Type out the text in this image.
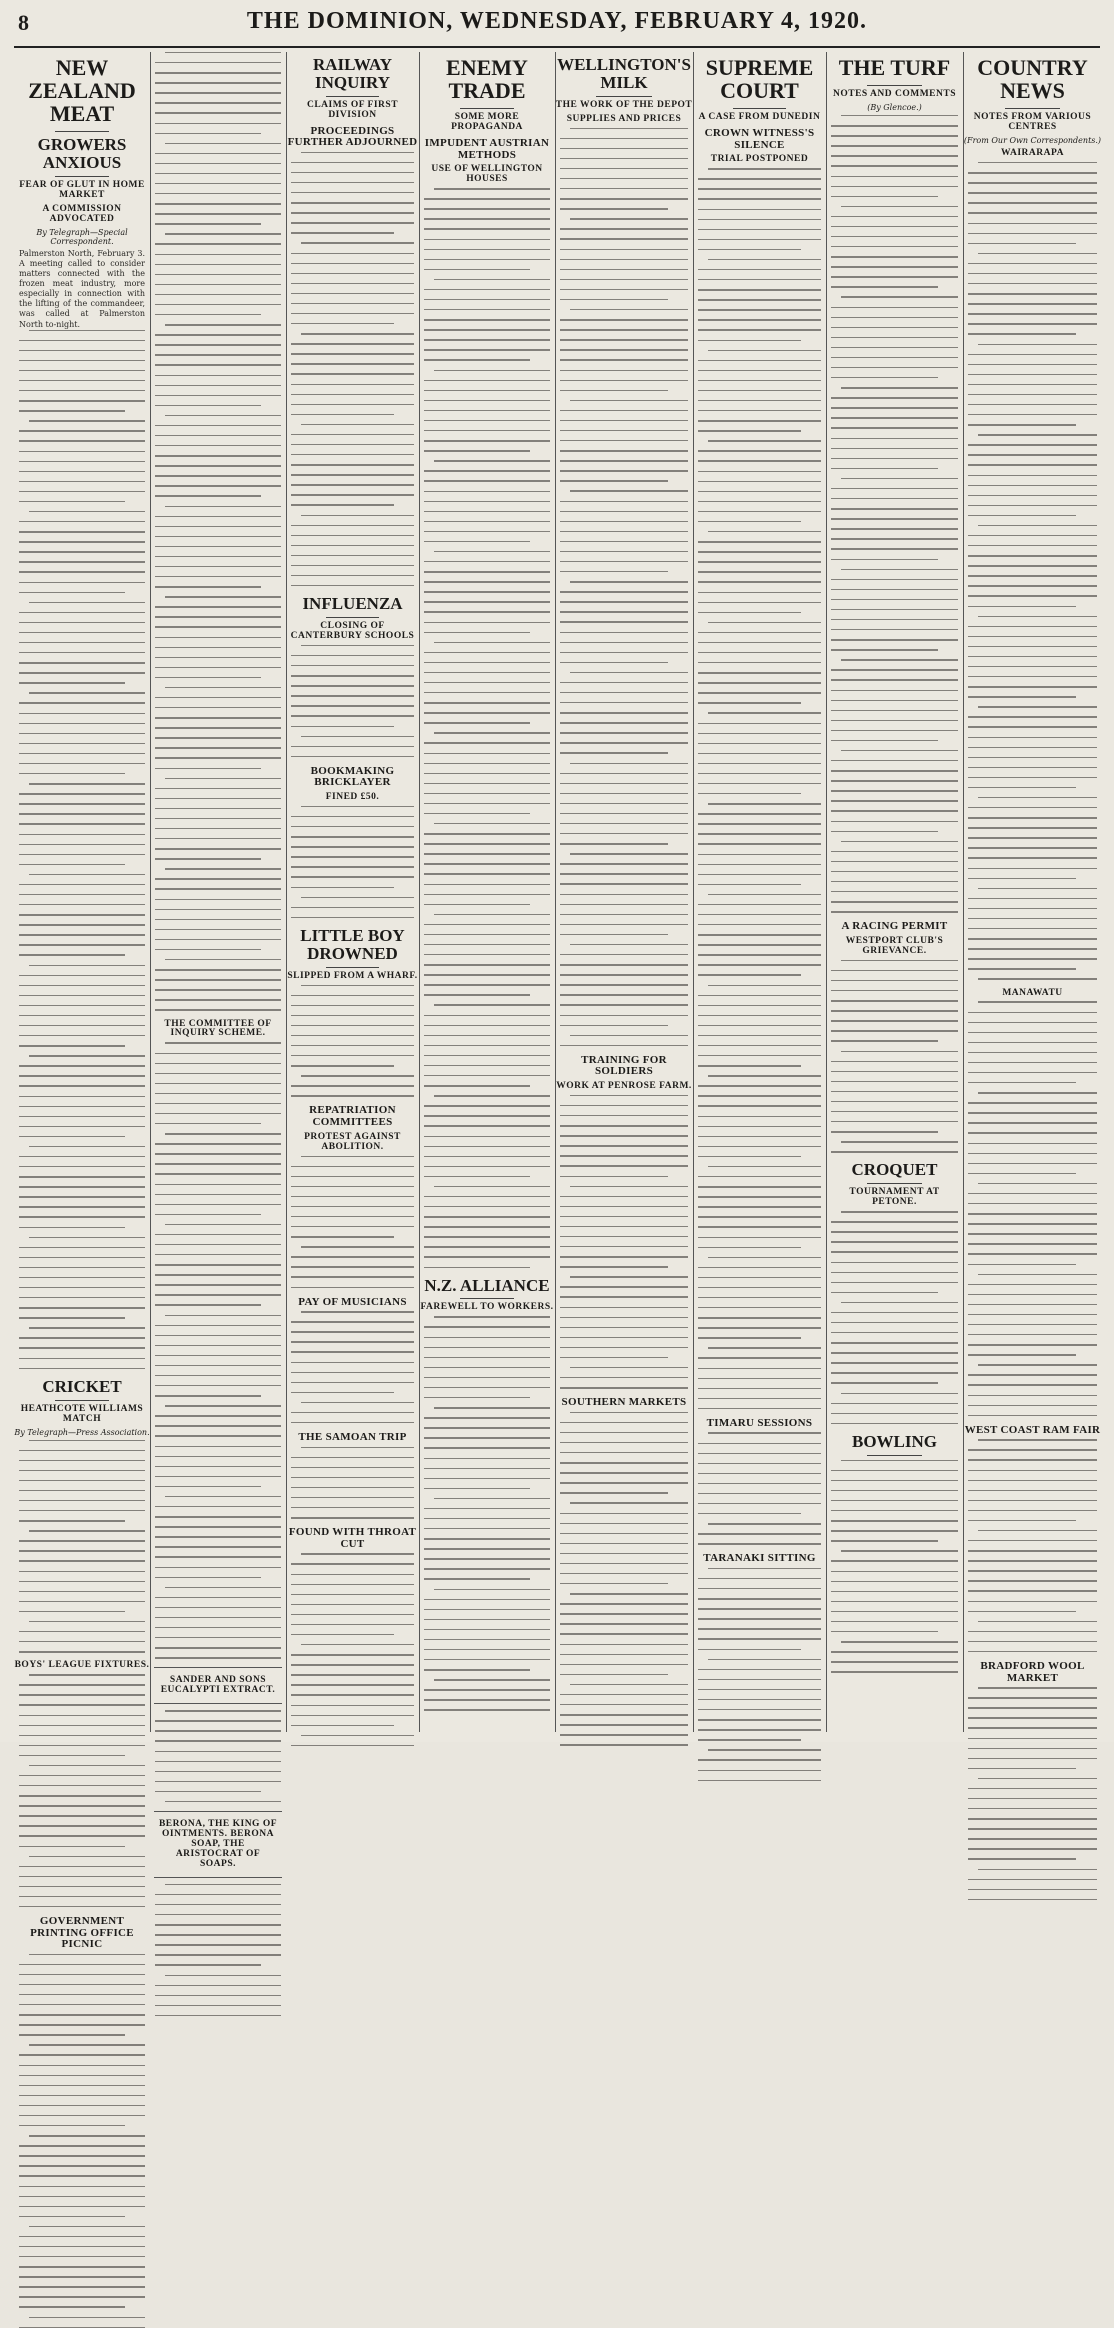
8	THE DOMINION, WEDNESDAY, FEBRUARY 4, 1920.
NEW ZEALAND MEAT
GROWERS ANXIOUS
FEAR OF GLUT IN HOME MARKET
A COMMISSION ADVOCATED
By Telegraph—Special Correspondent.
Palmerston North, February 3. A meeting called to consider matters connected with the frozen meat industry, more especially in connection with the lifting of the commandeer, was called at Palmerston North to-night.
CRICKET
HEATHCOTE WILLIAMS MATCH
By Telegraph—Press Association.
BOYS' LEAGUE FIXTURES.
GOVERNMENT PRINTING OFFICE PICNIC
THE COMMITTEE OF INQUIRY SCHEME.
SANDER AND SONS EUCALYPTI EXTRACT.
BERONA, THE KING OF OINTMENTS. BERONA SOAP, THE ARISTOCRAT OF SOAPS.
RAILWAY INQUIRY
CLAIMS OF FIRST DIVISION
PROCEEDINGS FURTHER ADJOURNED
INFLUENZA
CLOSING OF CANTERBURY SCHOOLS
BOOKMAKING BRICKLAYER
FINED £50.
LITTLE BOY DROWNED
SLIPPED FROM A WHARF.
REPATRIATION COMMITTEES
PROTEST AGAINST ABOLITION.
PAY OF MUSICIANS
THE SAMOAN TRIP
FOUND WITH THROAT CUT
ENEMY TRADE
SOME MORE PROPAGANDA
IMPUDENT AUSTRIAN METHODS
USE OF WELLINGTON HOUSES
N.Z. ALLIANCE
FAREWELL TO WORKERS.
WELLINGTON'S MILK
THE WORK OF THE DEPOT
SUPPLIES AND PRICES
TRAINING FOR SOLDIERS
WORK AT PENROSE FARM.
SOUTHERN MARKETS
SUPREME COURT
A CASE FROM DUNEDIN
CROWN WITNESS'S SILENCE
TRIAL POSTPONED
TIMARU SESSIONS
TARANAKI SITTING
THE TURF
NOTES AND COMMENTS
(By Glencoe.)
A RACING PERMIT
WESTPORT CLUB'S GRIEVANCE.
CROQUET
TOURNAMENT AT PETONE.
BOWLING
COUNTRY NEWS
NOTES FROM VARIOUS CENTRES
(From Our Own Correspondents.)
WAIRARAPA
MANAWATU
WEST COAST RAM FAIR
BRADFORD WOOL MARKET
